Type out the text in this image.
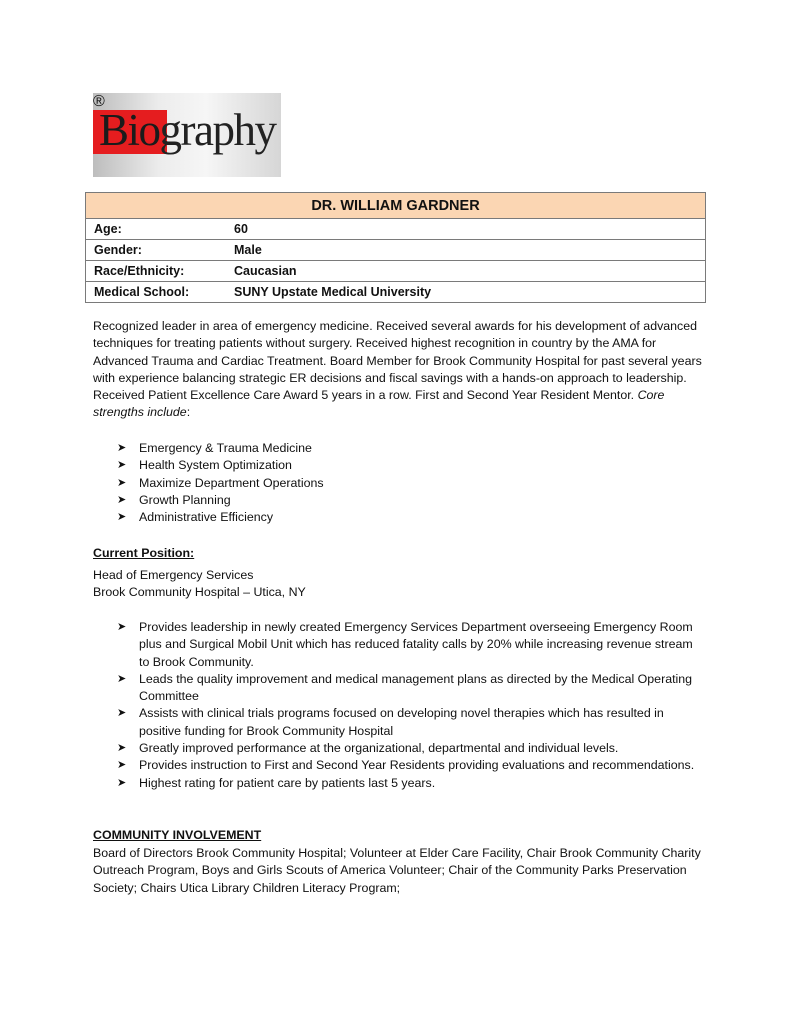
Biography
®
DR. WILLIAM GARDNER	
Age:	60
Gender:	Male
Race/Ethnicity:	Caucasian
Medical School:	SUNY Upstate Medical University
Recognized leader in area of emergency medicine. Received several awards for his development of advanced techniques for treating patients without surgery. Received highest recognition in country by the AMA for Advanced Trauma and Cardiac Treatment. Board Member for Brook Community Hospital for past several years with experience balancing strategic ER decisions and fiscal savings with a hands-on approach to leadership. Received Patient Excellence Care Award 5 years in a row. First and Second Year Resident Mentor. Core strengths include:
➤ Emergency & Trauma Medicine
➤ Health System Optimization
➤ Maximize Department Operations
➤ Growth Planning
➤ Administrative Efficiency
Current Position:
Head of Emergency Services
Brook Community Hospital – Utica, NY
➤ Provides leadership in newly created Emergency Services Department overseeing Emergency Room plus and Surgical Mobil Unit which has reduced fatality calls by 20% while increasing revenue stream to Brook Community.
➤ Leads the quality improvement and medical management plans as directed by the Medical Operating Committee
➤ Assists with clinical trials programs focused on developing novel therapies which has resulted in positive funding for Brook Community Hospital
➤ Greatly improved performance at the organizational, departmental and individual levels.
➤ Provides instruction to First and Second Year Residents providing evaluations and recommendations.
➤ Highest rating for patient care by patients last 5 years.
COMMUNITY INVOLVEMENT
Board of Directors Brook Community Hospital; Volunteer at Elder Care Facility, Chair Brook Community Charity Outreach Program, Boys and Girls Scouts of America Volunteer; Chair of the Community Parks Preservation Society; Chairs Utica Library Children Literacy Program;
